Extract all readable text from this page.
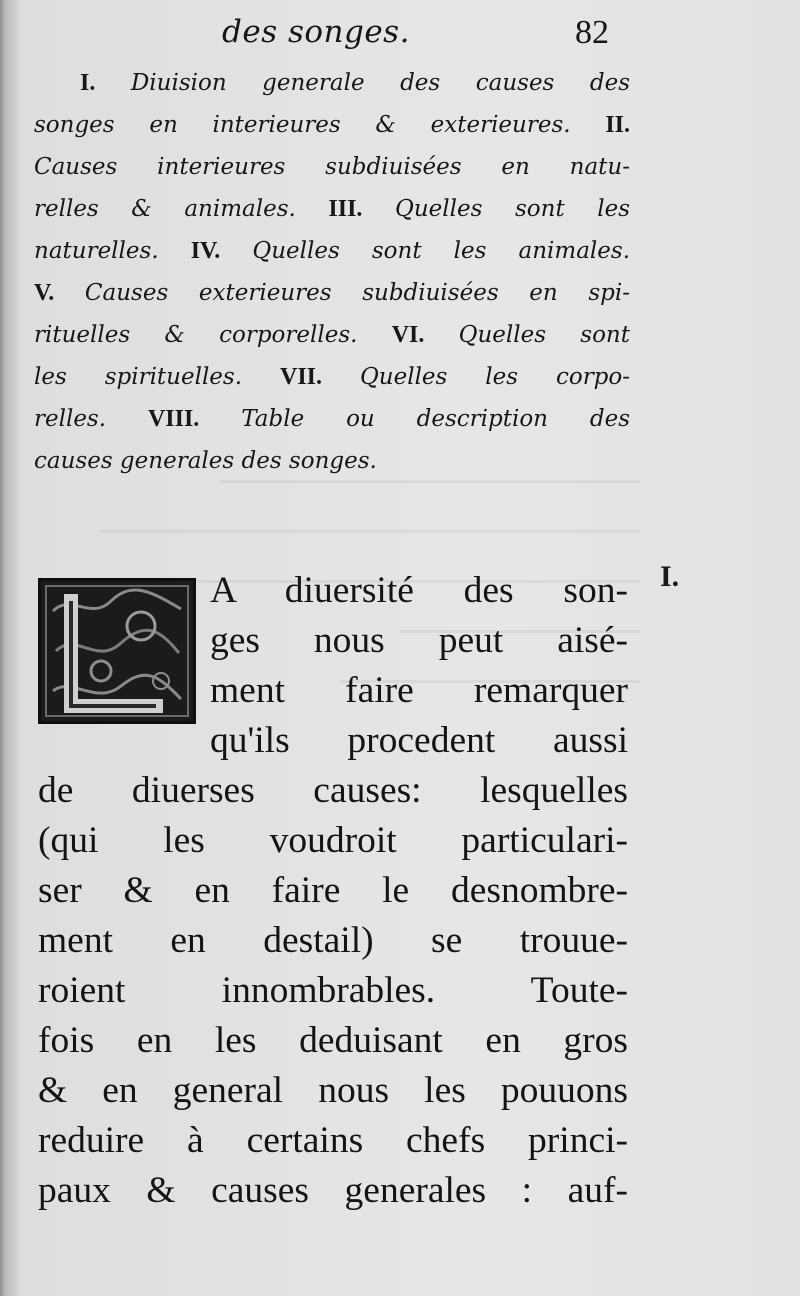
des songes.	82
I. Diuision generale des causes des
songes en interieures & exterieures. II.
Causes interieures subdiuisées en natu-
relles & animales. III. Quelles sont les
naturelles. IV. Quelles sont les animales.
V. Causes exterieures subdiuisées en spi-
rituelles & corporelles. VI. Quelles sont
les spirituelles. VII. Quelles les corpo-
relles. VIII. Table ou description des
causes generales des songes.
I.
A diuersité des son-
ges nous peut aisé-
ment faire remarquer
qu'ils procedent aussi
de diuerses causes: lesquelles
(qui les voudroit particulari-
ser & en faire le desnombre-
ment en destail) se trouue-
roient innombrables. Toute-
fois en les deduisant en gros
& en general nous les pouuons
reduire à certains chefs princi-
paux & causes generales : auf-
